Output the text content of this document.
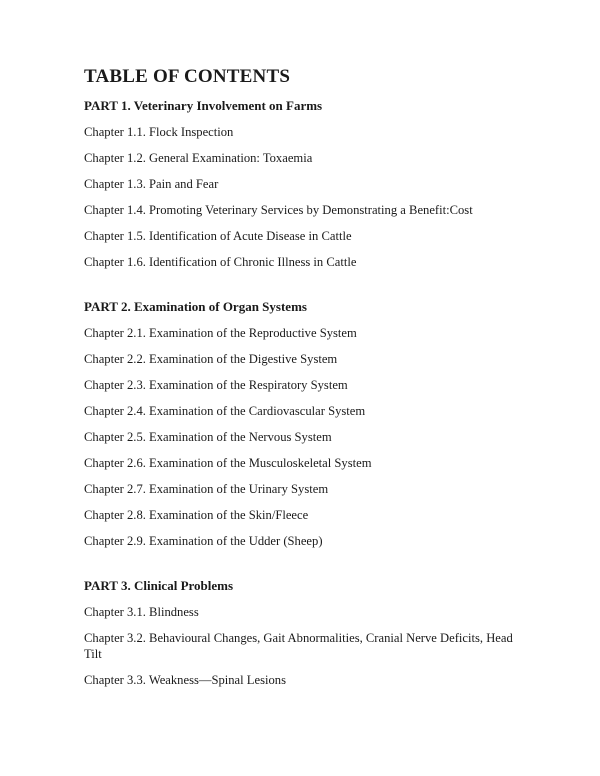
TABLE OF CONTENTS

PART 1. Veterinary Involvement on Farms

Chapter 1.1. Flock Inspection

Chapter 1.2. General Examination: Toxaemia

Chapter 1.3. Pain and Fear

Chapter 1.4. Promoting Veterinary Services by Demonstrating a Benefit:Cost

Chapter 1.5. Identification of Acute Disease in Cattle

Chapter 1.6. Identification of Chronic Illness in Cattle

PART 2. Examination of Organ Systems

Chapter 2.1. Examination of the Reproductive System

Chapter 2.2. Examination of the Digestive System

Chapter 2.3. Examination of the Respiratory System

Chapter 2.4. Examination of the Cardiovascular System

Chapter 2.5. Examination of the Nervous System

Chapter 2.6. Examination of the Musculoskeletal System

Chapter 2.7. Examination of the Urinary System

Chapter 2.8. Examination of the Skin/Fleece

Chapter 2.9. Examination of the Udder (Sheep)

PART 3. Clinical Problems

Chapter 3.1. Blindness

Chapter 3.2. Behavioural Changes, Gait Abnormalities, Cranial Nerve Deficits, Head Tilt

Chapter 3.3. Weakness—Spinal Lesions
